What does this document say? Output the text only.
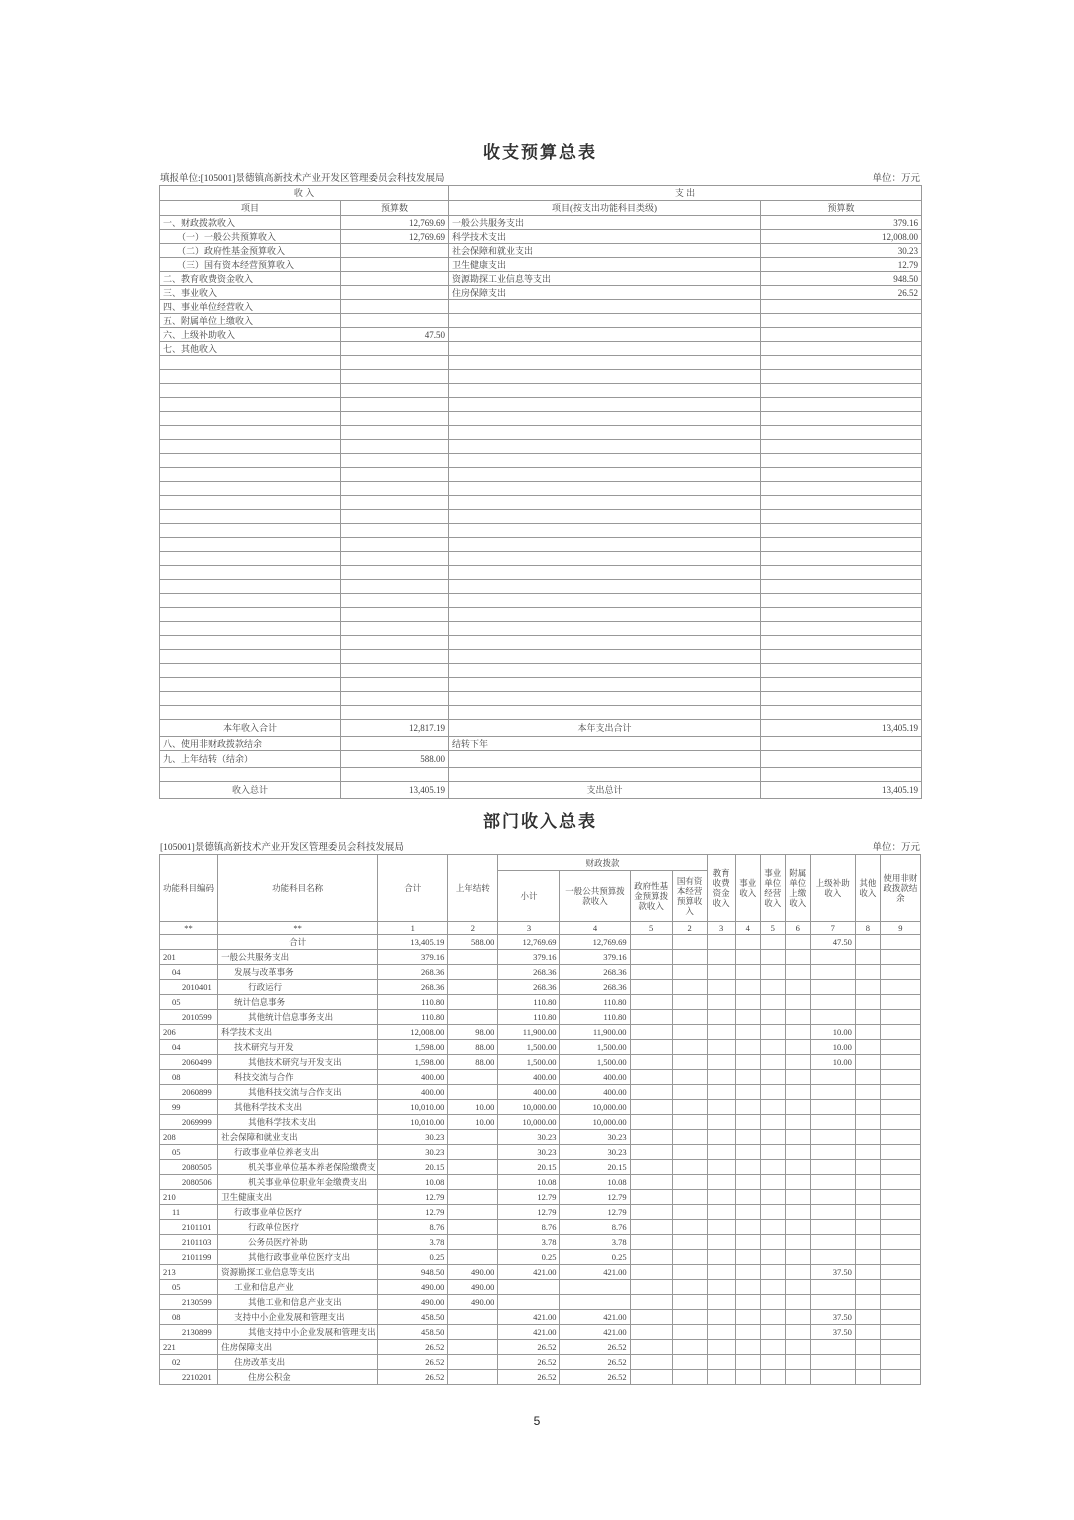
收支预算总表
填报单位:[105001]景德镇高新技术产业开发区管理委员会科技发展局	单位：万元
收 入		支 出	
项目	预算数	项目(按支出功能科目类级)	预算数
一、财政拨款收入	12,769.69	一般公共服务支出	379.16
（一）一般公共预算收入	12,769.69	科学技术支出	12,008.00
（二）政府性基金预算收入		社会保障和就业支出	30.23
（三）国有资本经营预算收入		卫生健康支出	12.79
二、教育收费资金收入		资源勘探工业信息等支出	948.50
三、事业收入		住房保障支出	26.52
四、事业单位经营收入			
五、附属单位上缴收入			
六、上级补助收入	47.50		
七、其他收入			

本年收入合计	12,817.19	本年支出合计	13,405.19
八、使用非财政拨款结余		结转下年	
九、上年结转（结余）	588.00		

收入总计	13,405.19	支出总计	13,405.19
部门收入总表
[105001]景德镇高新技术产业开发区管理委员会科技发展局	单位：万元
功能科目编码	功能科目名称	合计	上年结转	财政拨款				教育收费资金收入	事业收入	事业单位经营收入	附属单位上缴收入	上级补助收入	其他收入	使用非财政拨款结余
				小计	一般公共预算拨款收入	政府性基金预算拨款收入	国有资本经营预算收入							
**	**	1	2	3	4	5	2	3	4	5	6	7	8	9
	合计	13,405.19	588.00	12,769.69	12,769.69							47.50		
201	一般公共服务支出	379.16		379.16	379.16									
04	发展与改革事务	268.36		268.36	268.36									
2010401	行政运行	268.36		268.36	268.36									
05	统计信息事务	110.80		110.80	110.80									
2010599	其他统计信息事务支出	110.80		110.80	110.80									
206	科学技术支出	12,008.00	98.00	11,900.00	11,900.00							10.00		
04	技术研究与开发	1,598.00	88.00	1,500.00	1,500.00							10.00		
2060499	其他技术研究与开发支出	1,598.00	88.00	1,500.00	1,500.00							10.00		
08	科技交流与合作	400.00		400.00	400.00									
2060899	其他科技交流与合作支出	400.00		400.00	400.00									
99	其他科学技术支出	10,010.00	10.00	10,000.00	10,000.00									
2069999	其他科学技术支出	10,010.00	10.00	10,000.00	10,000.00									
208	社会保障和就业支出	30.23		30.23	30.23									
05	行政事业单位养老支出	30.23		30.23	30.23									
2080505	机关事业单位基本养老保险缴费支	20.15		20.15	20.15									
2080506	机关事业单位职业年金缴费支出	10.08		10.08	10.08									
210	卫生健康支出	12.79		12.79	12.79									
11	行政事业单位医疗	12.79		12.79	12.79									
2101101	行政单位医疗	8.76		8.76	8.76									
2101103	公务员医疗补助	3.78		3.78	3.78									
2101199	其他行政事业单位医疗支出	0.25		0.25	0.25									
213	资源勘探工业信息等支出	948.50	490.00	421.00	421.00							37.50		
05	工业和信息产业	490.00	490.00											
2130599	其他工业和信息产业支出	490.00	490.00											
08	支持中小企业发展和管理支出	458.50		421.00	421.00							37.50		
2130899	其他支持中小企业发展和管理支出	458.50		421.00	421.00							37.50		
221	住房保障支出	26.52		26.52	26.52									
02	住房改革支出	26.52		26.52	26.52									
2210201	住房公积金	26.52		26.52	26.52									
5
